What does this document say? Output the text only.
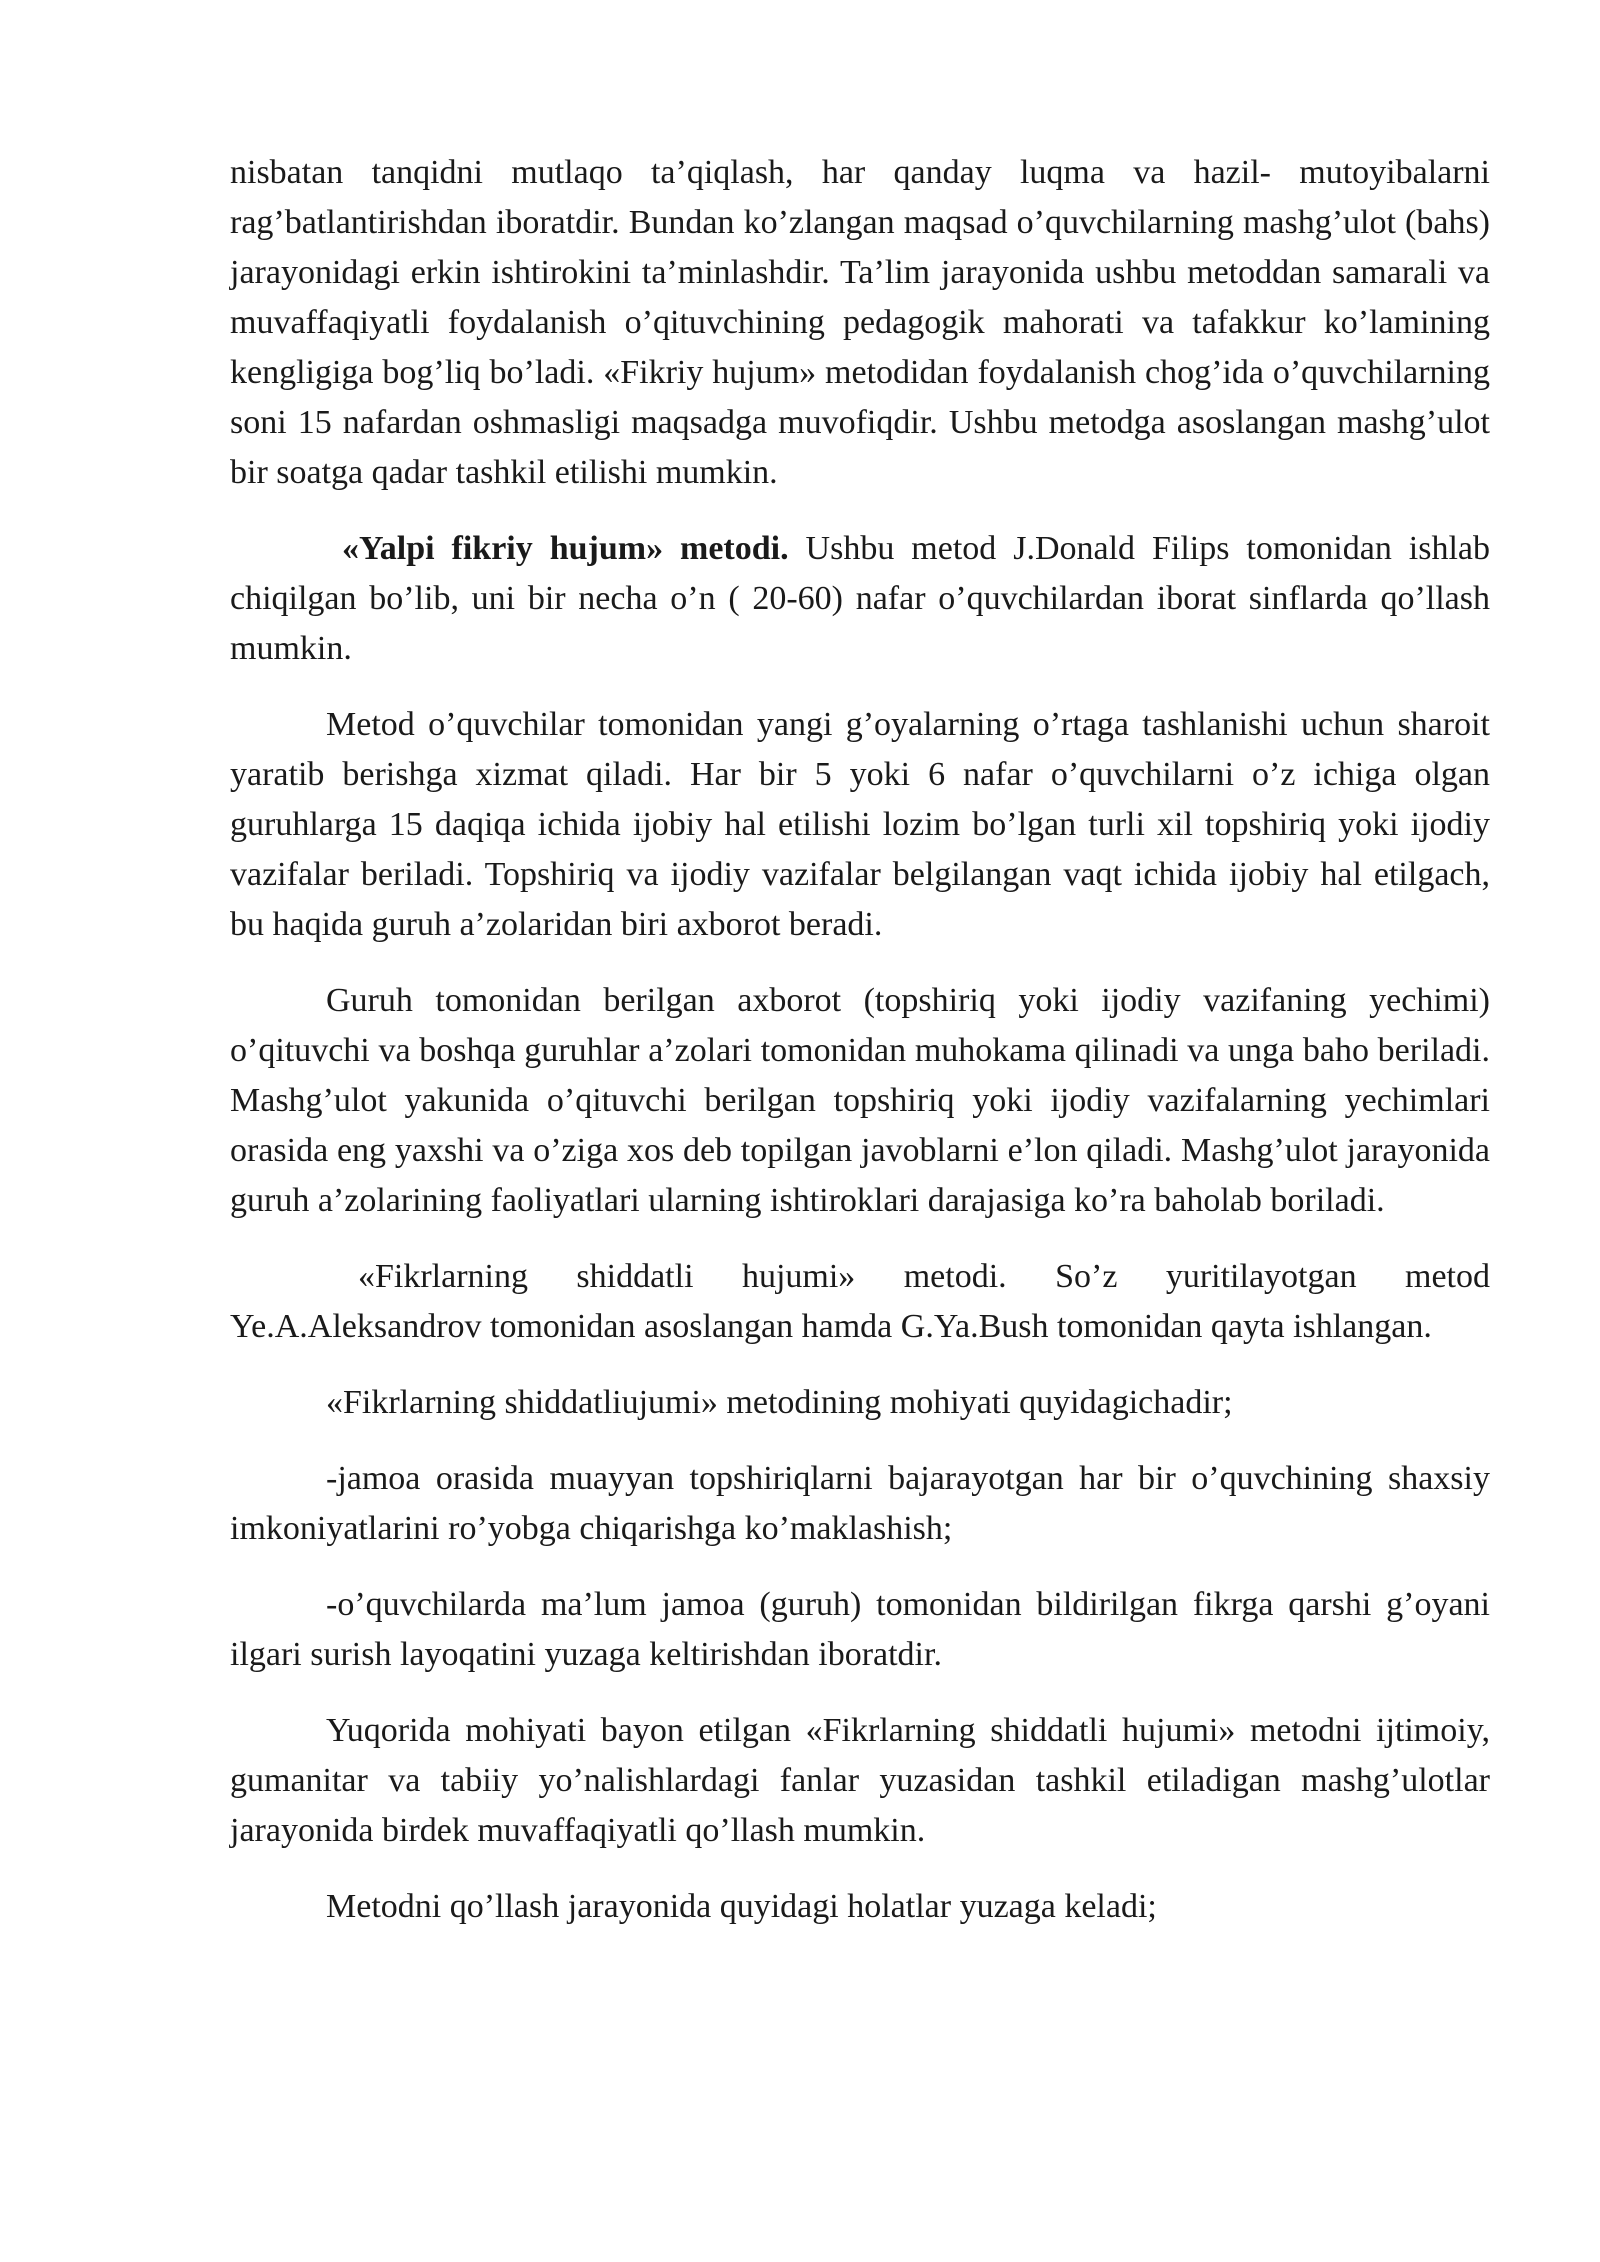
nisbatan tanqidni mutlaqo ta’qiqlash, har qanday luqma va hazil- mutoyibalarni rag’batlantirishdan iboratdir. Bundan ko’zlangan maqsad o’quvchilarning mashg’ulot (bahs) jarayonidagi erkin ishtirokini ta’minlashdir. Ta’lim jarayonida ushbu metoddan samarali va muvaffaqiyatli foydalanish o’qituvchining pedagogik mahorati va tafakkur ko’lamining kengligiga bog’liq bo’ladi. «Fikriy hujum» metodidan foydalanish chog’ida o’quvchilarning soni 15 nafardan oshmasligi maqsadga muvofiqdir. Ushbu metodga asoslangan mashg’ulot bir soatga qadar tashkil etilishi mumkin.

«Yalpi fikriy hujum» metodi. Ushbu metod J.Donald Filips tomonidan ishlab chiqilgan bo’lib, uni bir necha o’n ( 20-60) nafar o’quvchilardan iborat sinflarda qo’llash mumkin.

Metod o’quvchilar tomonidan yangi g’oyalarning o’rtaga tashlanishi uchun sharoit yaratib berishga xizmat qiladi. Har bir 5 yoki 6 nafar o’quvchilarni o’z ichiga olgan guruhlarga 15 daqiqa ichida ijobiy hal etilishi lozim bo’lgan turli xil topshiriq yoki ijodiy vazifalar beriladi. Topshiriq va ijodiy vazifalar belgilangan vaqt ichida ijobiy hal etilgach, bu haqida guruh a’zolaridan biri axborot beradi.

Guruh tomonidan berilgan axborot (topshiriq yoki ijodiy vazifaning yechimi) o’qituvchi va boshqa guruhlar a’zolari tomonidan muhokama qilinadi va unga baho beriladi. Mashg’ulot yakunida o’qituvchi berilgan topshiriq yoki ijodiy vazifalarning yechimlari orasida eng yaxshi va o’ziga xos deb topilgan javoblarni e’lon qiladi. Mashg’ulot jarayonida guruh a’zolarining faoliyatlari ularning ishtiroklari darajasiga ko’ra baholab boriladi.

«Fikrlarning shiddatli hujumi» metodi. So’z yuritilayotgan metod Ye.A.Aleksandrov tomonidan asoslangan hamda G.Ya.Bush tomonidan qayta ishlangan.

«Fikrlarning shiddatliujumi» metodining mohiyati quyidagichadir;

-jamoa orasida muayyan topshiriqlarni bajarayotgan har bir o’quvchining shaxsiy imkoniyatlarini ro’yobga chiqarishga ko’maklashish;

-o’quvchilarda ma’lum jamoa (guruh) tomonidan bildirilgan fikrga qarshi g’oyani ilgari surish layoqatini yuzaga keltirishdan iboratdir.

Yuqorida mohiyati bayon etilgan «Fikrlarning shiddatli hujumi» metodni ijtimoiy, gumanitar va tabiiy yo’nalishlardagi fanlar yuzasidan tashkil etiladigan mashg’ulotlar jarayonida birdek muvaffaqiyatli qo’llash mumkin.

Metodni qo’llash jarayonida quyidagi holatlar yuzaga keladi;
